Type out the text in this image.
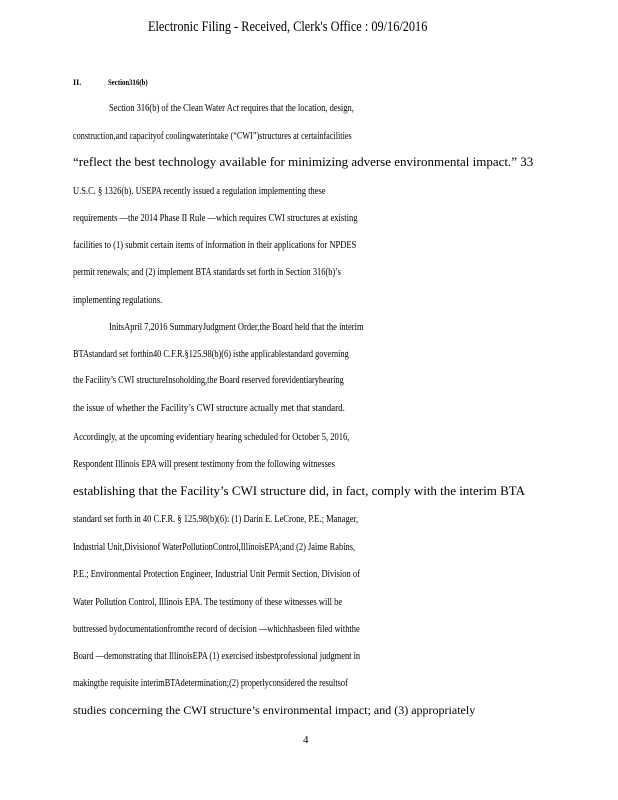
Electronic Filing - Received, Clerk's Office : 09/16/2016
II.	Section316(b)
Section 316(b) of the Clean Water Act requires that the location, design,
construction,and capacityof coolingwaterintake (“CWI”)structures at certainfacilities
“reflect the best technology available for minimizing adverse environmental impact.” 33
U.S.C. § 1326(b). USEPA recently issued a regulation implementing these
requirements —the 2014 Phase II Rule —which requires CWI structures at existing
facilities to (1) submit certain items of information in their applications for NPDES
permit renewals; and (2) implement BTA standards set forth in Section 316(b)’s
implementing regulations.
InitsApril 7,2016 SummaryJudgment Order,the Board held that the interim
BTAstandard set forthin40 C.F.R.§125.98(b)(6) isthe applicablestandard governing
the Facility’s CWI structureInsoholding,the Board reserved forevidentiaryhearing
the issue of whether the Facility’s CWI structure actually met that standard.
Accordingly, at the upcoming evidentiary hearing scheduled for October 5, 2016,
Respondent Illinois EPA will present testimony from the following witnesses
establishing that the Facility’s CWI structure did, in fact, comply with the interim BTA
standard set forth in 40 C.F.R. § 125.98(b)(6): (1) Darin E. LeCrone, P.E.; Manager,
Industrial Unit,Divisionof WaterPollutionControl,IllinoisEPA;and (2) Jaime Rabins,
P.E.; Environmental Protection Engineer, Industrial Unit Permit Section, Division of
Water Pollution Control, Illinois EPA. The testimony of these witnesses will be
buttressed bydocumentationfromthe record of decision —whichhasbeen filed withthe
Board —demonstrating that IllinoisEPA (1) exercised itsbestprofessional judgment in
makingthe requisite interimBTAdetermination;(2) properlyconsidered the resultsof
studies concerning the CWI structure’s environmental impact; and (3) appropriately
4
